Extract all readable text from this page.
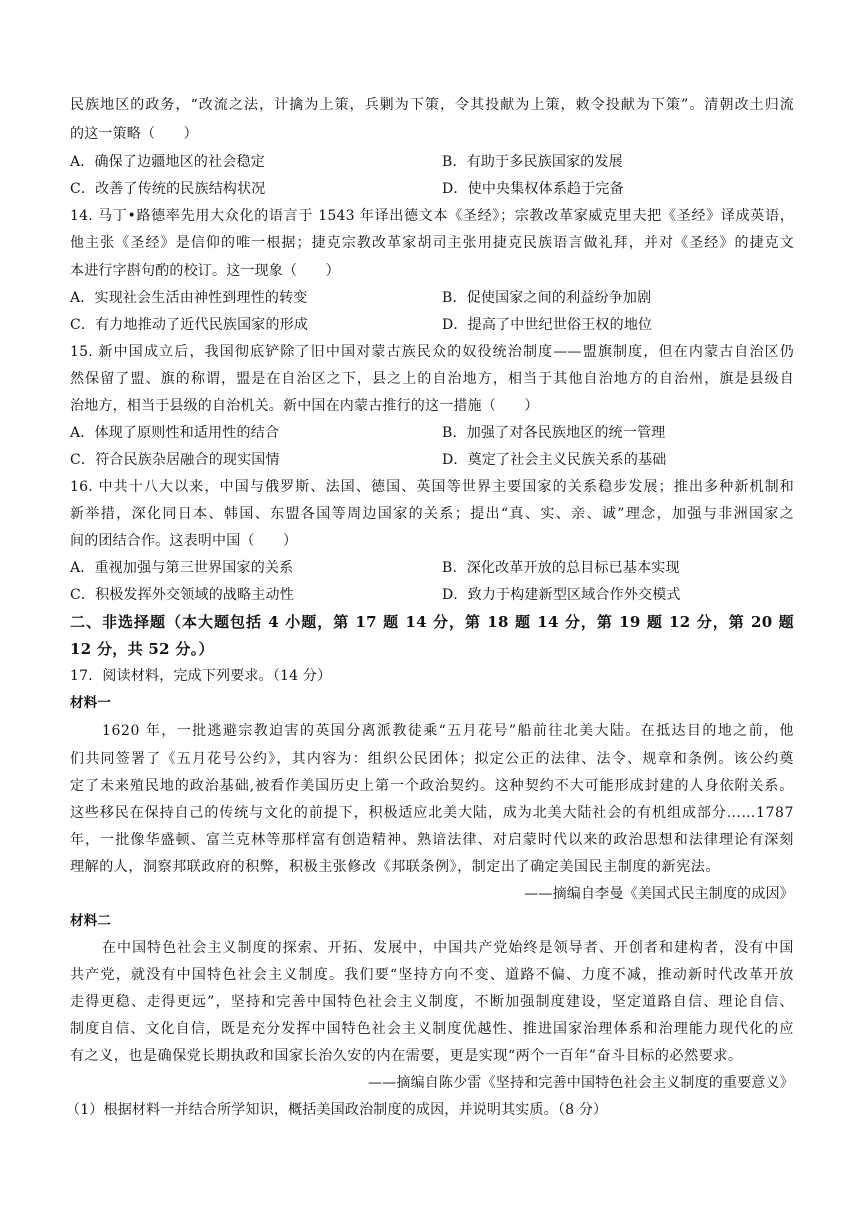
民族地区的政务，“改流之法，计擒为上策，兵剿为下策，令其投献为上策，敕令投献为下策”。清朝改土归流
的这一策略（　　）
A．确保了边疆地区的社会稳定	B．有助于多民族国家的发展
C．改善了传统的民族结构状况	D．使中央集权体系趋于完备
14. 马丁•路德率先用大众化的语言于 1543 年译出德文本《圣经》；宗教改革家威克里夫把《圣经》译成英语，
他主张《圣经》是信仰的唯一根据；捷克宗教改革家胡司主张用捷克民族语言做礼拜，并对《圣经》的捷克文
本进行字斟句酌的校订。这一现象（　　）
A．实现社会生活由神性到理性的转变	B．促使国家之间的利益纷争加剧
C．有力地推动了近代民族国家的形成	D．提高了中世纪世俗王权的地位
15. 新中国成立后，我国彻底铲除了旧中国对蒙古族民众的奴役统治制度——盟旗制度，但在内蒙古自治区仍
然保留了盟、旗的称谓，盟是在自治区之下，县之上的自治地方，相当于其他自治地方的自治州，旗是县级自
治地方，相当于县级的自治机关。新中国在内蒙古推行的这一措施（　　）
A．体现了原则性和适用性的结合	B．加强了对各民族地区的统一管理
C．符合民族杂居融合的现实国情	D．奠定了社会主义民族关系的基础
16. 中共十八大以来，中国与俄罗斯、法国、德国、英国等世界主要国家的关系稳步发展；推出多种新机制和
新举措，深化同日本、韩国、东盟各国等周边国家的关系；提出“真、实、亲、诚”理念，加强与非洲国家之
间的团结合作。这表明中国（　　）
A．重视加强与第三世界国家的关系	B．深化改革开放的总目标已基本实现
C．积极发挥外交领域的战略主动性	D．致力于构建新型区域合作外交模式
二、非选择题（本大题包括 4 小题，第 17 题 14 分，第 18 题 14 分，第 19 题 12 分，第 20 题
12 分，共 52 分。）
17．阅读材料，完成下列要求。（14 分）
材料一
1620 年，一批逃避宗教迫害的英国分离派教徒乘“五月花号”船前往北美大陆。在抵达目的地之前，他
们共同签署了《五月花号公约》，其内容为：组织公民团体；拟定公正的法律、法令、规章和条例。该公约奠
定了未来殖民地的政治基础,被看作美国历史上第一个政治契约。这种契约不大可能形成封建的人身依附关系。
这些移民在保持自己的传统与文化的前提下，积极适应北美大陆，成为北美大陆社会的有机组成部分……1787
年，一批像华盛顿、富兰克林等那样富有创造精神、熟谙法律、对启蒙时代以来的政治思想和法律理论有深刻
理解的人，洞察邦联政府的积弊，积极主张修改《邦联条例》，制定出了确定美国民主制度的新宪法。
——摘编自李曼《美国式民主制度的成因》
材料二
在中国特色社会主义制度的探索、开拓、发展中，中国共产党始终是领导者、开创者和建构者，没有中国
共产党，就没有中国特色社会主义制度。我们要“坚持方向不变、道路不偏、力度不减，推动新时代改革开放
走得更稳、走得更远”，坚持和完善中国特色社会主义制度，不断加强制度建设，坚定道路自信、理论自信、
制度自信、文化自信，既是充分发挥中国特色社会主义制度优越性、推进国家治理体系和治理能力现代化的应
有之义，也是确保党长期执政和国家长治久安的内在需要，更是实现“两个一百年”奋斗目标的必然要求。
——摘编自陈少雷《坚持和完善中国特色社会主义制度的重要意义》
（1）根据材料一并结合所学知识，概括美国政治制度的成因，并说明其实质。（8 分）
